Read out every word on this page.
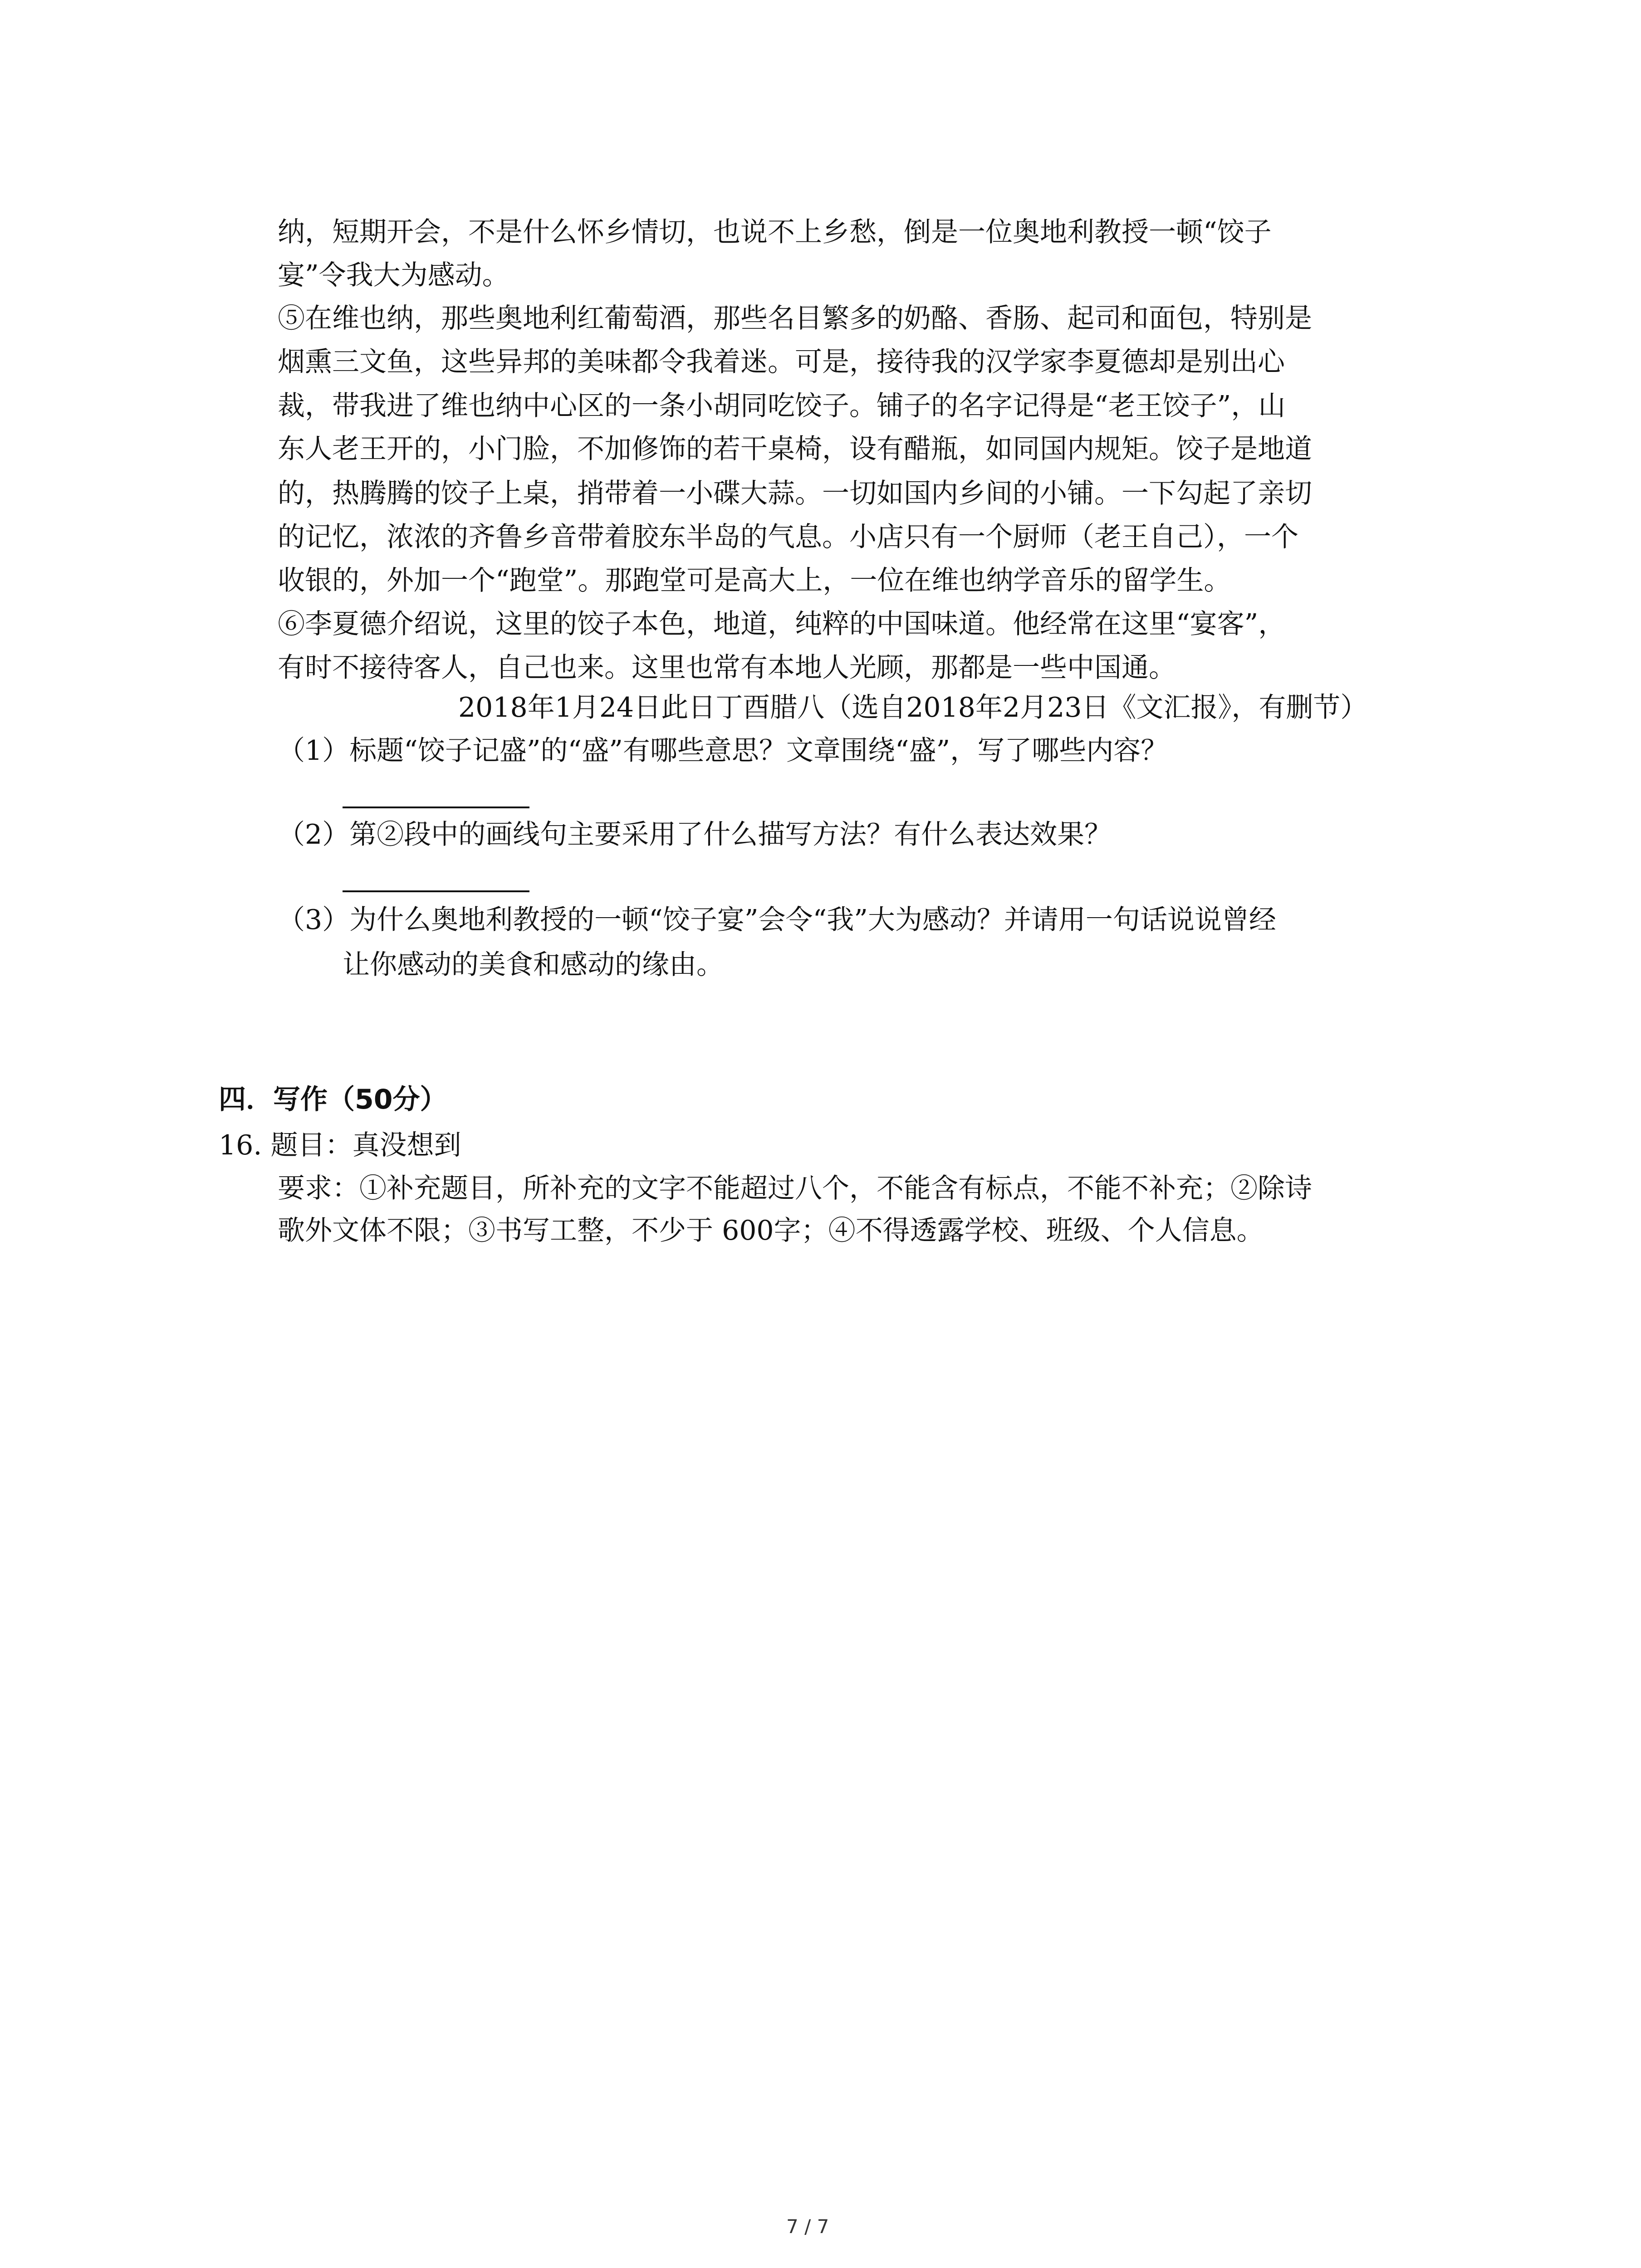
纳，短期开会，不是什么怀乡情切，也说不上乡愁，倒是一位奥地利教授一顿“饺子

宴”令我大为感动。

⑤在维也纳，那些奥地利红葡萄酒，那些名目繁多的奶酪、香肠、起司和面包，特别是

烟熏三文鱼，这些异邦的美味都令我着迷。可是，接待我的汉学家李夏德却是别出心

裁，带我进了维也纳中心区的一条小胡同吃饺子。铺子的名字记得是“老王饺子”，山

东人老王开的，小门脸，不加修饰的若干桌椅，设有醋瓶，如同国内规矩。饺子是地道

的，热腾腾的饺子上桌，捎带着一小碟大蒜。一切如国内乡间的小铺。一下勾起了亲切

的记忆，浓浓的齐鲁乡音带着胶东半岛的气息。小店只有一个厨师（老王自己），一个

收银的，外加一个“跑堂”。那跑堂可是高大上，一位在维也纳学音乐的留学生。

⑥李夏德介绍说，这里的饺子本色，地道，纯粹的中国味道。他经常在这里“宴客”，

有时不接待客人，自己也来。这里也常有本地人光顾，那都是一些中国通。

2018年1月24日此日丁酉腊八（选自2018年2月23日《文汇报》，有删节）

（1）标题“饺子记盛”的“盛”有哪些意思？文章围绕“盛”，写了哪些内容？

（2）第②段中的画线句主要采用了什么描写方法？有什么表达效果？

（3）为什么奥地利教授的一顿“饺子宴”会令“我”大为感动？并请用一句话说说曾经

让你感动的美食和感动的缘由。

四．写作（50分）

16. 题目：真没想到

要求：①补充题目，所补充的文字不能超过八个，不能含有标点，不能不补充；②除诗

歌外文体不限；③书写工整，不少于 600字；④不得透露学校、班级、个人信息。

7 / 7
